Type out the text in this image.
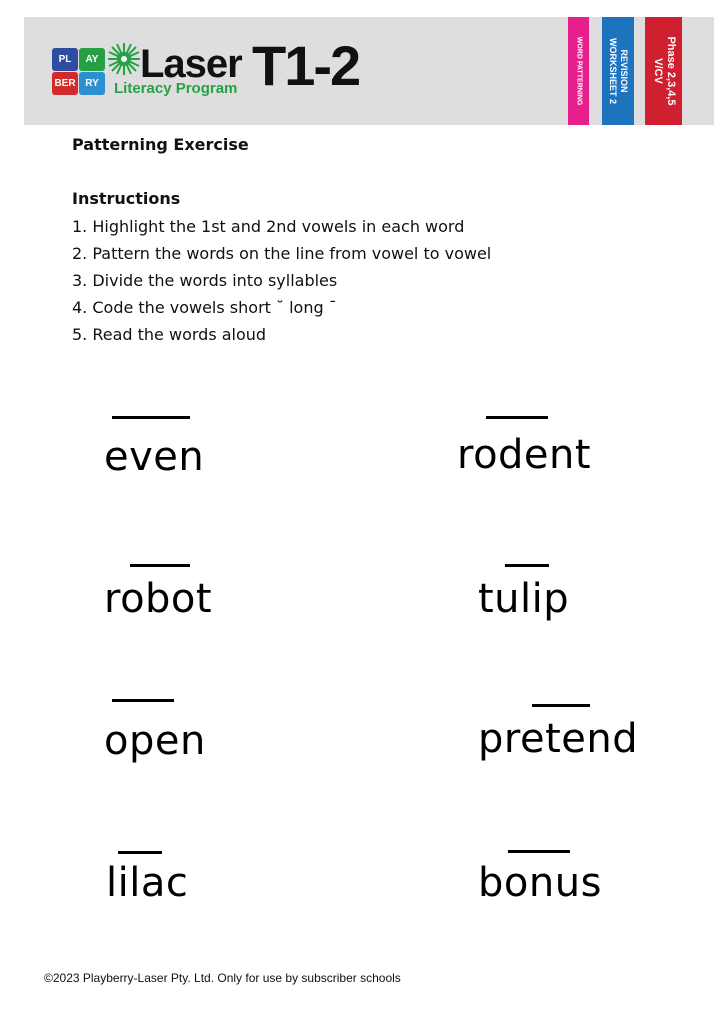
PL	AY
BER RY Laser T1-2
Literacy Program	WORD PATTERNING	REVISION
WORKSHEET 2	Phase 2,3,4,5
V/CV
Patterning Exercise
Instructions
1. Highlight the 1st and 2nd vowels in each word
2. Pattern the words on the line from vowel to vowel
3. Divide the words into syllables
4. Code the vowels short ˘ long ¯
5. Read the words aloud
even	rodent
robot	tulip
open	pretend
lilac	bonus
©2023 Playberry-Laser Pty. Ltd. Only for use by subscriber schools
